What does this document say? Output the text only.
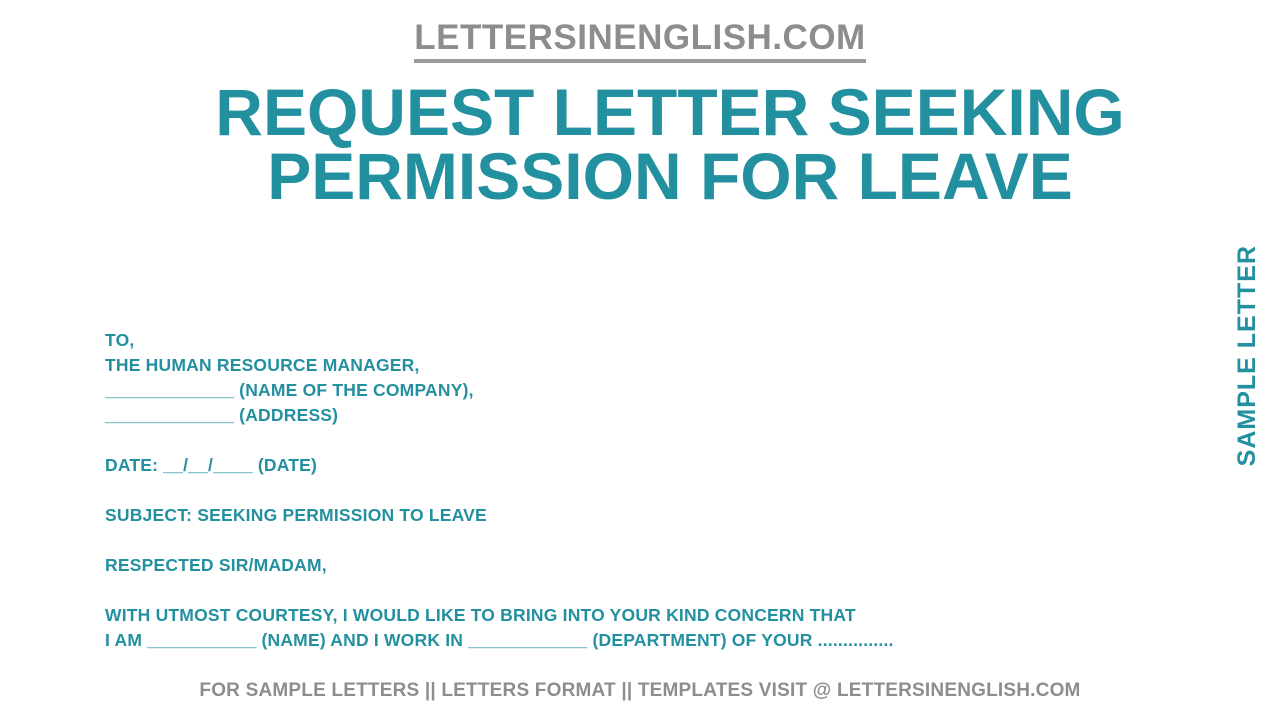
LETTERSINENGLISH.COM
REQUEST LETTER SEEKING
PERMISSION FOR LEAVE
SAMPLE LETTER
TO,
THE HUMAN RESOURCE MANAGER,
_____________ (NAME OF THE COMPANY),
_____________ (ADDRESS)
DATE: __/__/____ (DATE)
SUBJECT: SEEKING PERMISSION TO LEAVE
RESPECTED SIR/MADAM,
WITH UTMOST COURTESY, I WOULD LIKE TO BRING INTO YOUR KIND CONCERN THAT
I AM ___________ (NAME) AND I WORK IN ____________ (DEPARTMENT) OF YOUR ...............
FOR SAMPLE LETTERS || LETTERS FORMAT || TEMPLATES VISIT @ LETTERSINENGLISH.COM
